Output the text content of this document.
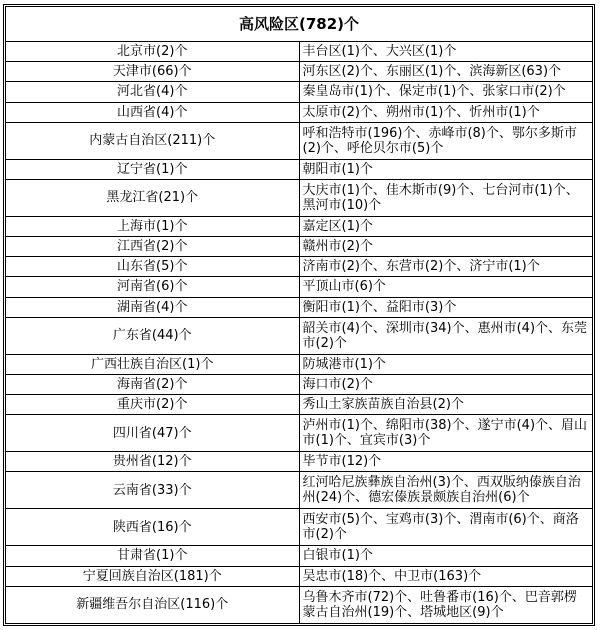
高风险区(782)个	
北京市(2)个	丰台区(1)个、大兴区(1)个
天津市(66)个	河东区(2)个、东丽区(1)个、滨海新区(63)个
河北省(4)个	秦皇岛市(1)个、保定市(1)个、张家口市(2)个
山西省(4)个	太原市(2)个、朔州市(1)个、忻州市(1)个
内蒙古自治区(211)个	呼和浩特市(196)个、赤峰市(8)个、鄂尔多斯市(2)个、呼伦贝尔市(5)个
辽宁省(1)个	朝阳市(1)个
黑龙江省(21)个	大庆市(1)个、佳木斯市(9)个、七台河市(1)个、黑河市(10)个
上海市(1)个	嘉定区(1)个
江西省(2)个	赣州市(2)个
山东省(5)个	济南市(2)个、东营市(2)个、济宁市(1)个
河南省(6)个	平顶山市(6)个
湖南省(4)个	衡阳市(1)个、益阳市(3)个
广东省(44)个	韶关市(4)个、深圳市(34)个、惠州市(4)个、东莞市(2)个
广西壮族自治区(1)个	防城港市(1)个
海南省(2)个	海口市(2)个
重庆市(2)个	秀山土家族苗族自治县(2)个
四川省(47)个	泸州市(1)个、绵阳市(38)个、遂宁市(4)个、眉山市(1)个、宜宾市(3)个
贵州省(12)个	毕节市(12)个
云南省(33)个	红河哈尼族彝族自治州(3)个、西双版纳傣族自治州(24)个、德宏傣族景颇族自治州(6)个
陕西省(16)个	西安市(5)个、宝鸡市(3)个、渭南市(6)个、商洛市(2)个
甘肃省(1)个	白银市(1)个
宁夏回族自治区(181)个	吴忠市(18)个、中卫市(163)个
新疆维吾尔自治区(116)个	乌鲁木齐市(72)个、吐鲁番市(16)个、巴音郭楞蒙古自治州(19)个、塔城地区(9)个
